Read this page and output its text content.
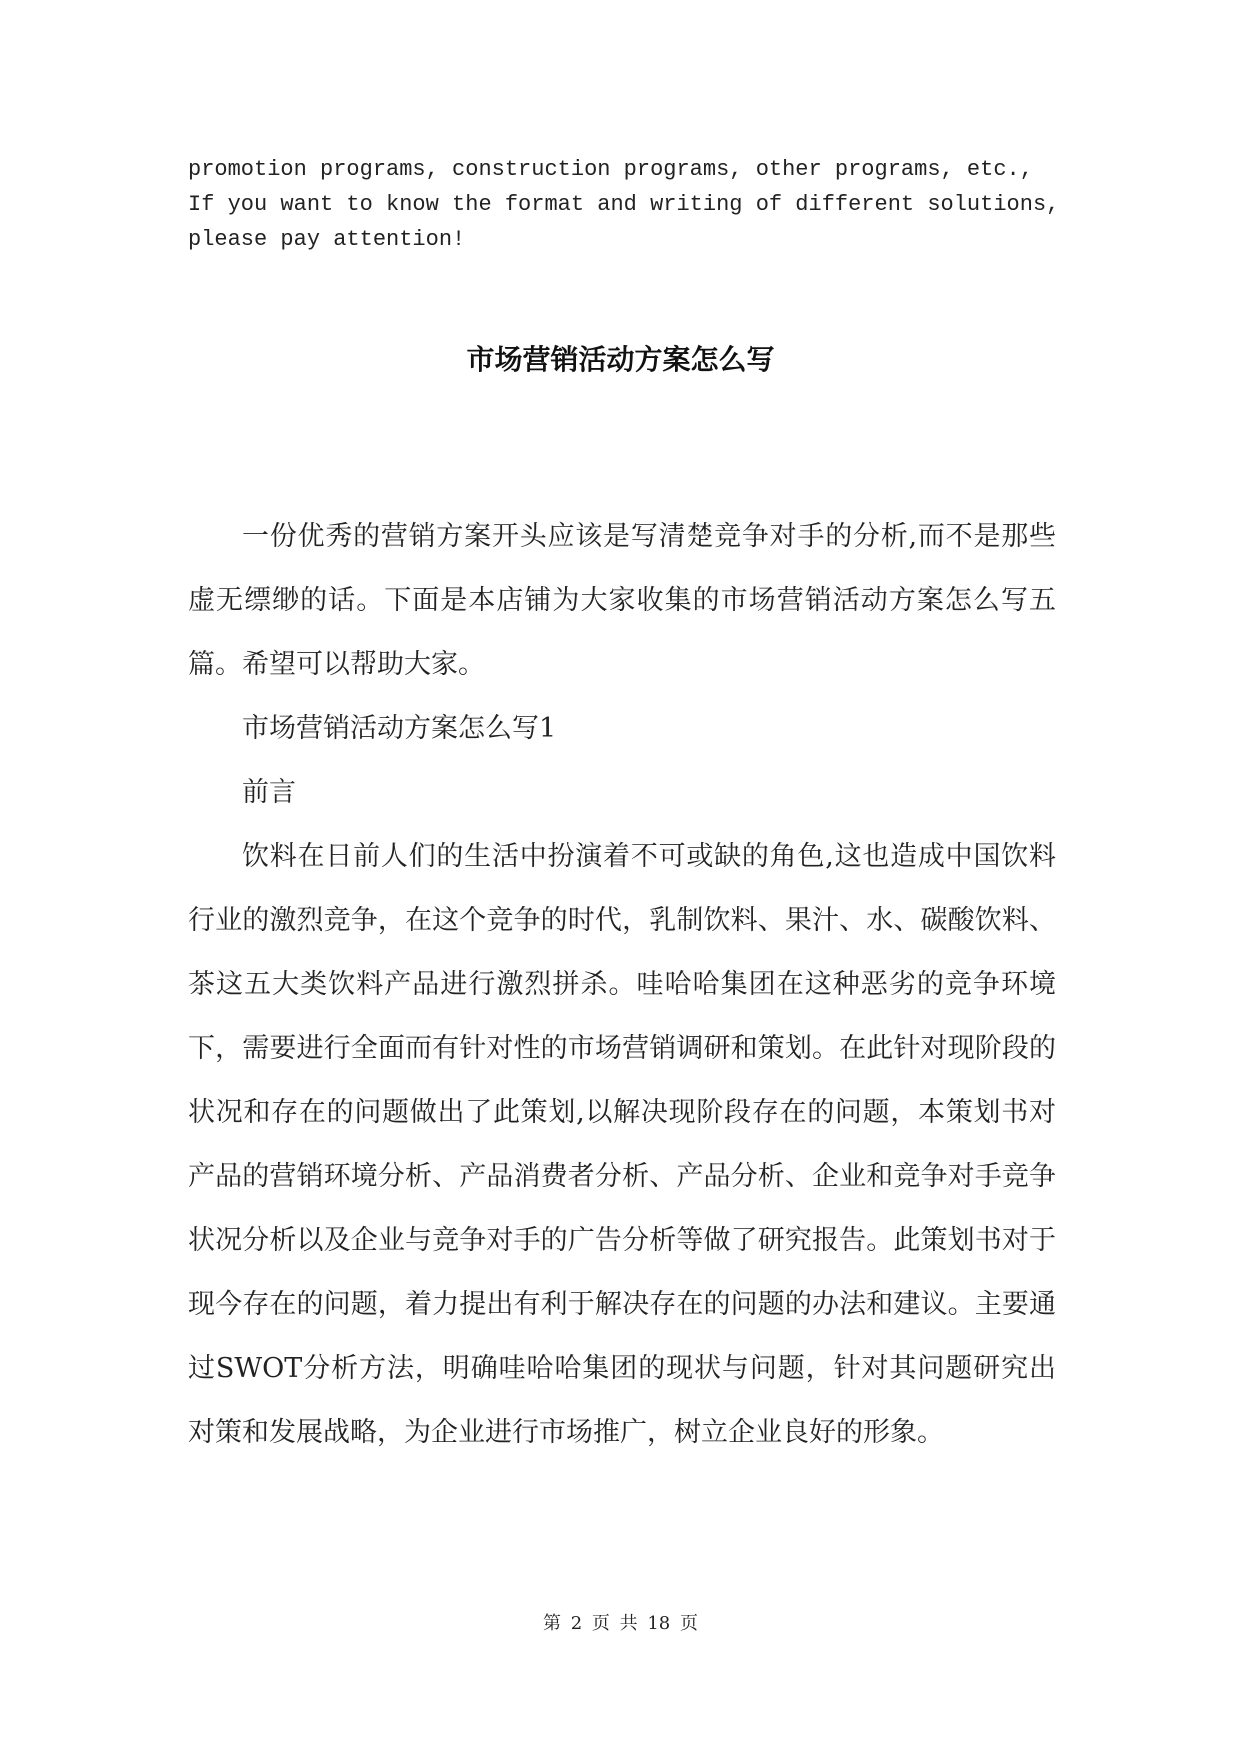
promotion programs, construction programs, other programs, etc., If you want to know the format and writing of different solutions, please pay attention!

市场营销活动方案怎么写

一份优秀的营销方案开头应该是写清楚竞争对手的分析,而不是那些虚无缥缈的话。下面是本店铺为大家收集的市场营销活动方案怎么写五篇。希望可以帮助大家。

市场营销活动方案怎么写1

前言

饮料在日前人们的生活中扮演着不可或缺的角色,这也造成中国饮料行业的激烈竞争，在这个竞争的时代，乳制饮料、果汁、水、碳酸饮料、茶这五大类饮料产品进行激烈拼杀。哇哈哈集团在这种恶劣的竞争环境下，需要进行全面而有针对性的市场营销调研和策划。在此针对现阶段的状况和存在的问题做出了此策划,以解决现阶段存在的问题，本策划书对产品的营销环境分析、产品消费者分析、产品分析、企业和竞争对手竞争状况分析以及企业与竞争对手的广告分析等做了研究报告。此策划书对于现今存在的问题，着力提出有利于解决存在的问题的办法和建议。主要通过SWOT分析方法，明确哇哈哈集团的现状与问题，针对其问题研究出对策和发展战略，为企业进行市场推广，树立企业良好的形象。

第 2 页 共 18 页
